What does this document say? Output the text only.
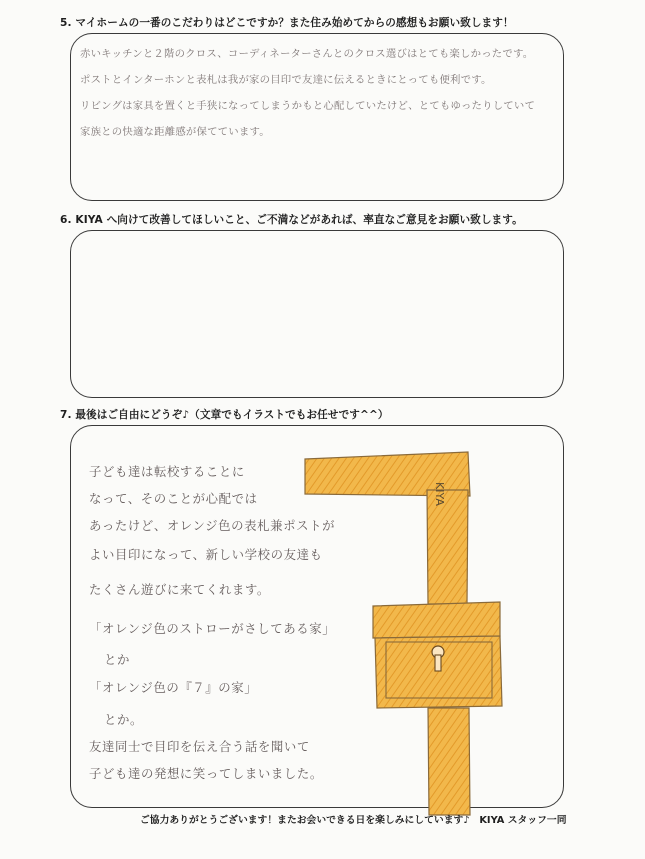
5. マイホームの一番のこだわりはどこですか？また住み始めてからの感想もお願い致します！
赤いキッチンと２階のクロス、コーディネーターさんとのクロス選びはとても楽しかったです。
ポストとインターホンと表札は我が家の目印で友達に伝えるときにとっても便利です。
リビングは家具を置くと手狭になってしまうかもと心配していたけど、とてもゆったりしていて
家族との快適な距離感が保てています。
6. KIYA へ向けて改善してほしいこと、ご不満などがあれば、率直なご意見をお願い致します。
7. 最後はご自由にどうぞ♪（文章でもイラストでもお任せです^^）
KIYA
子ども達は転校することに
なって、そのことが心配では
あったけど、オレンジ色の表札兼ポストが
よい目印になって、新しい学校の友達も
たくさん遊びに来てくれます。
「オレンジ色のストローがさしてある家」
とか
「オレンジ色の『７』の家」
とか。
友達同士で目印を伝え合う話を聞いて
子ども達の発想に笑ってしまいました。
ご協力ありがとうございます！またお会いできる日を楽しみにしています♪　KIYA スタッフ一同
